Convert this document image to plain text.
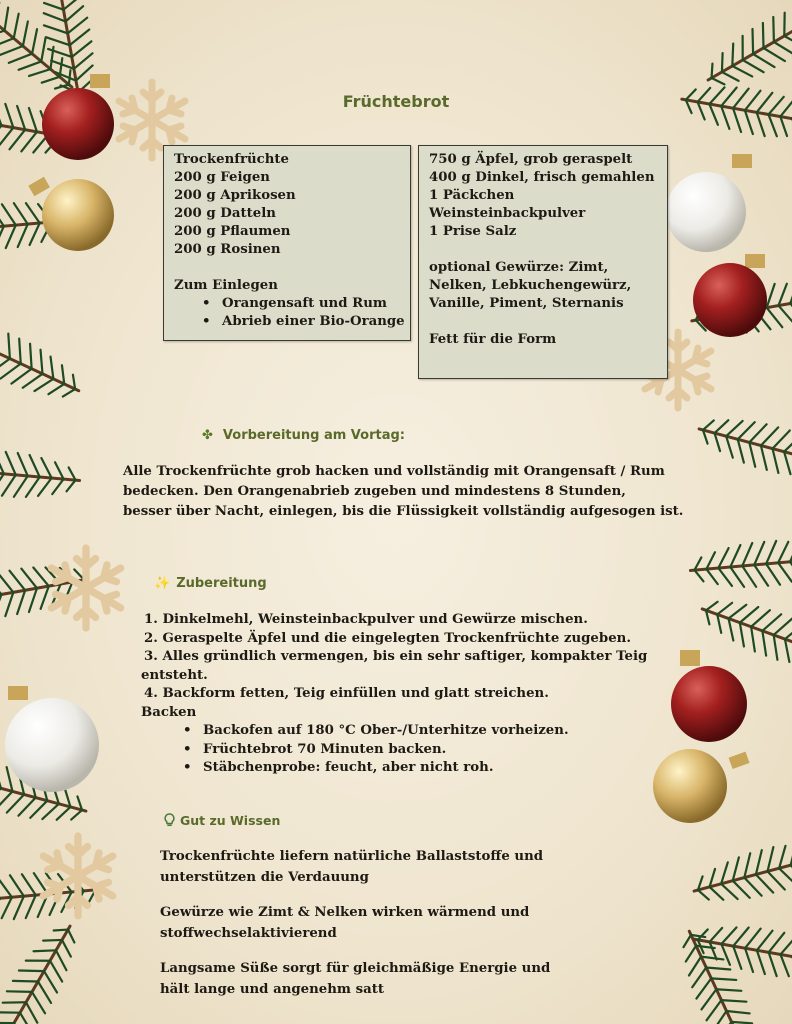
Früchtebrot
Trockenfrüchte
200 g Feigen
200 g Aprikosen
200 g Datteln
200 g Pflaumen
200 g Rosinen
Zum Einlegen
• Orangensaft und Rum
• Abrieb einer Bio-Orange
750 g Äpfel, grob geraspelt
400 g Dinkel, frisch gemahlen
1 Päckchen
Weinsteinbackpulver
1 Prise Salz
optional Gewürze: Zimt,
Nelken, Lebkuchengewürz,
Vanille, Piment, Sternanis
Fett für die Form
✤ Vorbereitung am Vortag:
Alle Trockenfrüchte grob hacken und vollständig mit Orangensaft / Rum
bedecken. Den Orangenabrieb zugeben und mindestens 8 Stunden,
besser über Nacht, einlegen, bis die Flüssigkeit vollständig aufgesogen ist.
✨ Zubereitung
1. Dinkelmehl, Weinsteinbackpulver und Gewürze mischen.
2. Geraspelte Äpfel und die eingelegten Trockenfrüchte zugeben.
3. Alles gründlich vermengen, bis ein sehr saftiger, kompakter Teig
entsteht.
4. Backform fetten, Teig einfüllen und glatt streichen.
Backen
• Backofen auf 180 °C Ober-/Unterhitze vorheizen.
• Früchtebrot 70 Minuten backen.
• Stäbchenprobe: feucht, aber nicht roh.
Gut zu Wissen
Trockenfrüchte liefern natürliche Ballaststoffe und
unterstützen die Verdauung
Gewürze wie Zimt & Nelken wirken wärmend und
stoffwechselaktivierend
Langsame Süße sorgt für gleichmäßige Energie und
hält lange und angenehm satt
